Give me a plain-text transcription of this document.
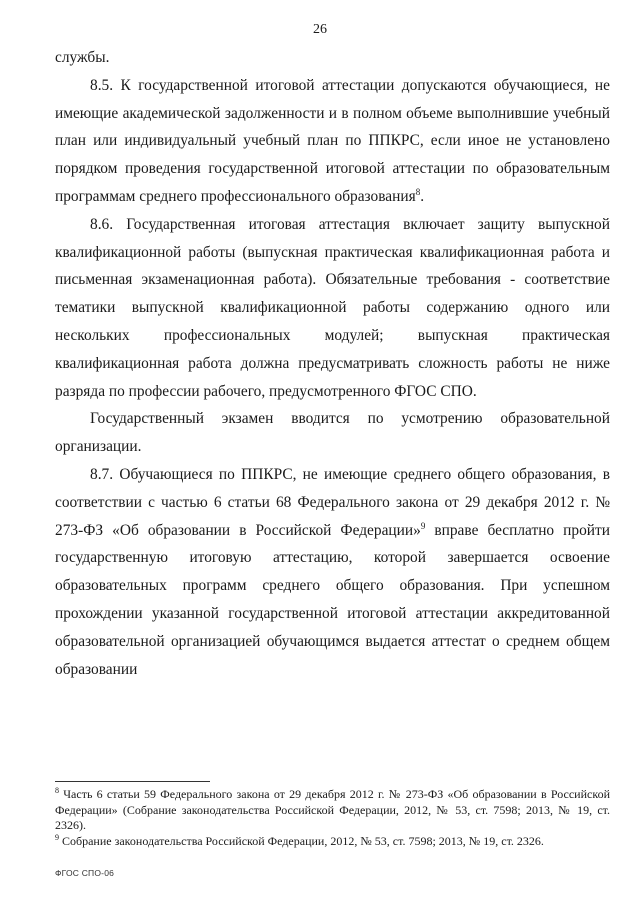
26

службы.

8.5. К государственной итоговой аттестации допускаются обучающиеся, не имеющие академической задолженности и в полном объеме выполнившие учебный план или индивидуальный учебный план по ППКРС, если иное не установлено порядком проведения государственной итоговой аттестации по образовательным программам среднего профессионального образования$^8$.

8.6. Государственная итоговая аттестация включает защиту выпускной квалификационной работы (выпускная практическая квалификационная работа и письменная экзаменационная работа). Обязательные требования - соответствие тематики выпускной квалификационной работы содержанию одного или нескольких профессиональных модулей; выпускная практическая квалификационная работа должна предусматривать сложность работы не ниже разряда по профессии рабочего, предусмотренного ФГОС СПО.

Государственный экзамен вводится по усмотрению образовательной организации.

8.7. Обучающиеся по ППКРС, не имеющие среднего общего образования, в соответствии с частью 6 статьи 68 Федерального закона от 29 декабря 2012 г. № 273-ФЗ «Об образовании в Российской Федерации»$^9$ вправе бесплатно пройти государственную итоговую аттестацию, которой завершается освоение образовательных программ среднего общего образования. При успешном прохождении указанной государственной итоговой аттестации аккредитованной образовательной организацией обучающимся выдается аттестат о среднем общем образовании

$^8$ Часть 6 статьи 59 Федерального закона от 29 декабря 2012 г. № 273-ФЗ «Об образовании в Российской Федерации» (Собрание законодательства Российской Федерации, 2012, № 53, ст. 7598; 2013, № 19, ст. 2326).

$^9$ Собрание законодательства Российской Федерации, 2012, № 53, ст. 7598; 2013, № 19, ст. 2326.

ФГОС СПО-06
